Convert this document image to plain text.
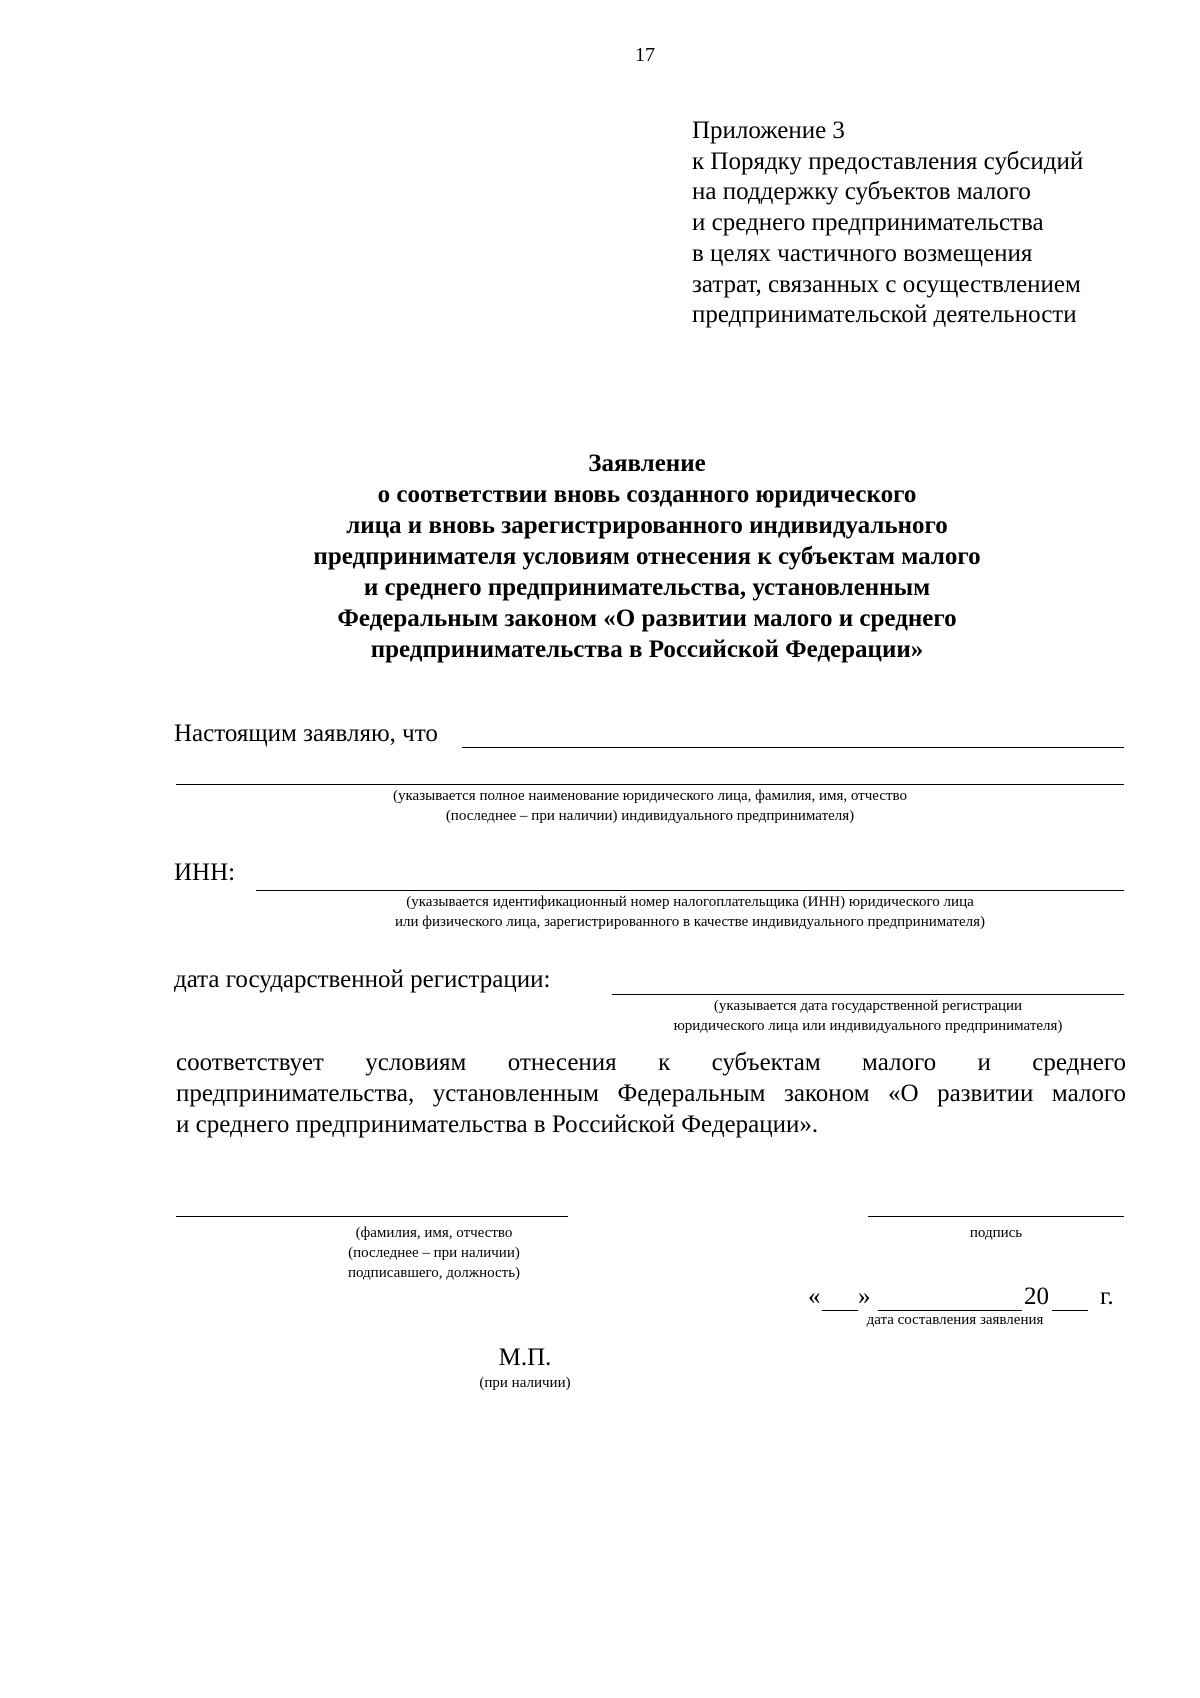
17
Приложение 3
к Порядку предоставления субсидий
на поддержку субъектов малого
и среднего предпринимательства
в целях частичного возмещения
затрат, связанных с осуществлением
предпринимательской деятельности
Заявление
о соответствии вновь созданного юридического
лица и вновь зарегистрированного индивидуального
предпринимателя условиям отнесения к субъектам малого
и среднего предпринимательства, установленным
Федеральным законом «О развитии малого и среднего
предпринимательства в Российской Федерации»
Настоящим заявляю, что
(указывается полное наименование юридического лица, фамилия, имя, отчество
(последнее – при наличии) индивидуального предпринимателя)
ИНН:
(указывается идентификационный номер налогоплательщика (ИНН) юридического лица
или физического лица, зарегистрированного в качестве индивидуального предпринимателя)
дата государственной регистрации:
(указывается дата государственной регистрации
юридического лица или индивидуального предпринимателя)
соответствует условиям отнесения к субъектам малого и среднего
предпринимательства, установленным Федеральным законом «О развитии малого
и среднего предпринимательства в Российской Федерации».
(фамилия, имя, отчество
(последнее – при наличии)
подписавшего, должность)
подпись
« »	20 г.
дата составления заявления
М.П.
(при наличии)
